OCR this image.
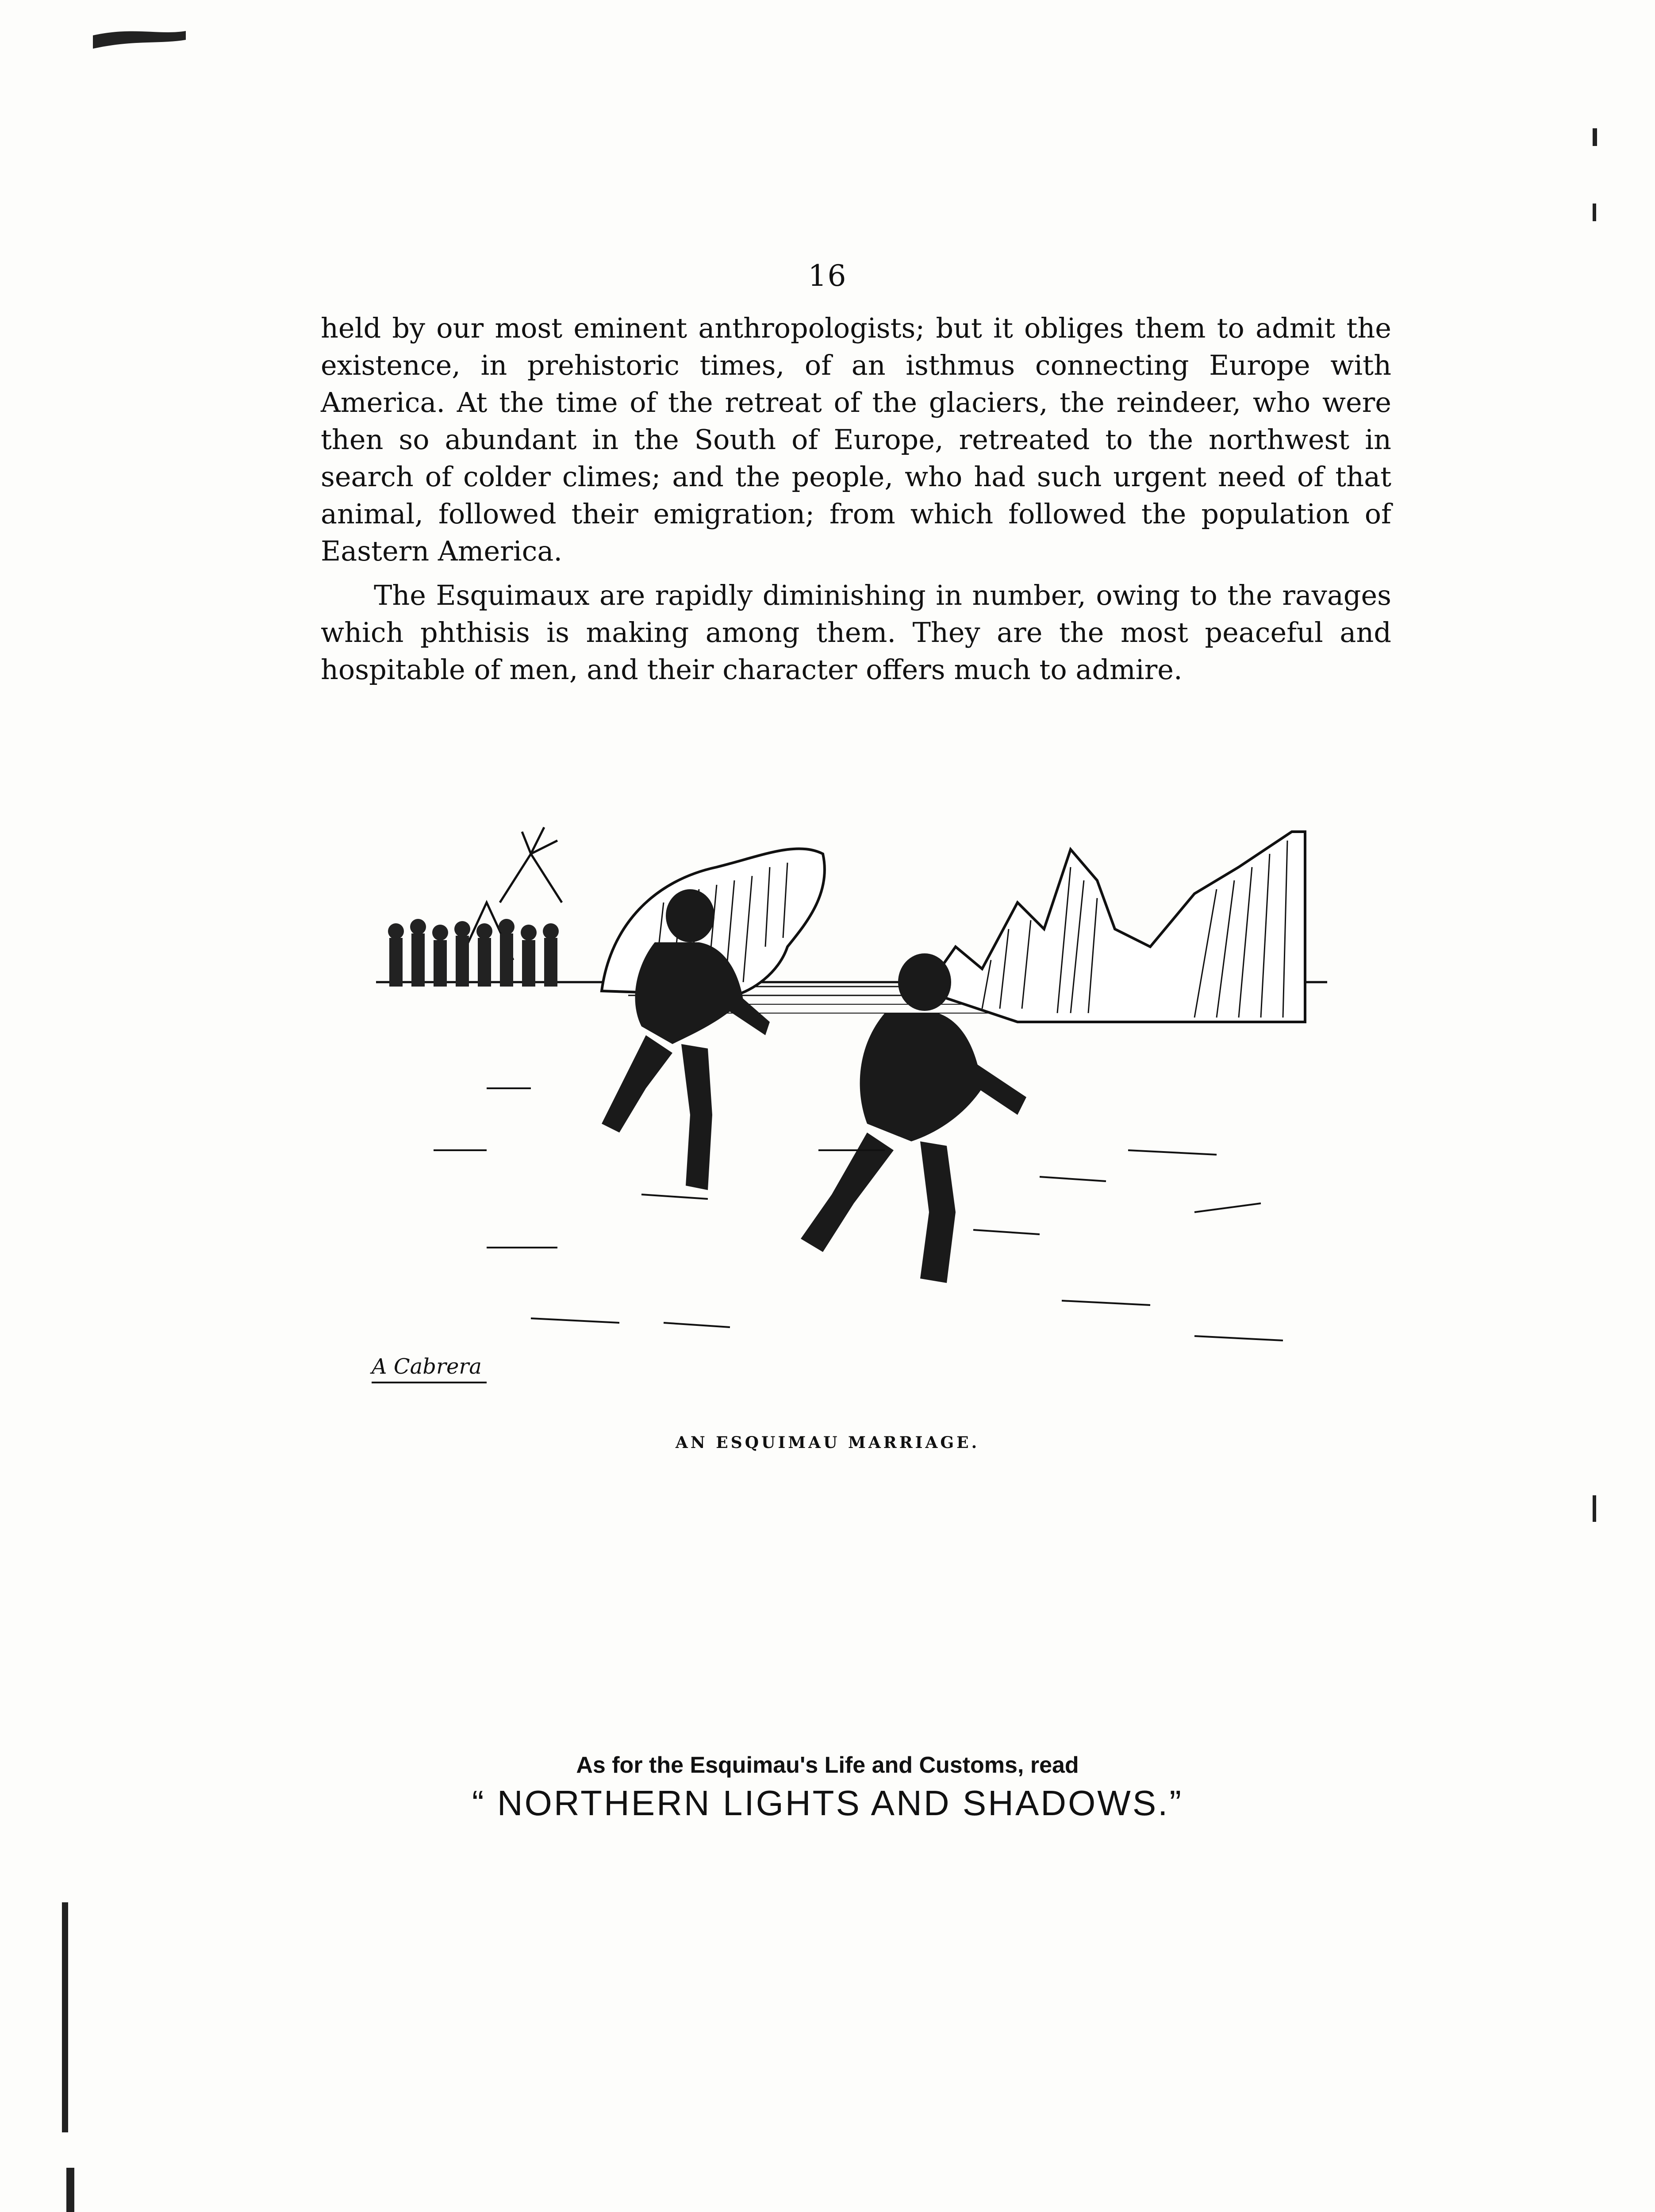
16

held by our most eminent anthropologists; but it obliges them to admit the existence, in prehistoric times, of an isthmus connecting Europe with America. At the time of the retreat of the glaciers, the reindeer, who were then so abundant in the South of Europe, retreated to the northwest in search of colder climes; and the people, who had such urgent need of that animal, followed their emigration; from which followed the population of Eastern America.

The Esquimaux are rapidly diminishing in number, owing to the ravages which phthisis is making among them. They are the most peaceful and hospitable of men, and their character offers much to admire.

A Cabrera
AN ESQUIMAU MARRIAGE.
As for the Esquimau's Life and Customs, read
“ NORTHERN LIGHTS AND SHADOWS.”
